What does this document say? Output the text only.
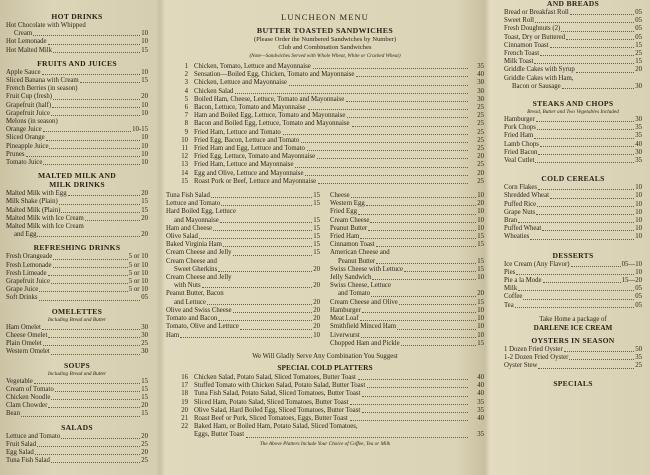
HOT DRINKS
Hot Chocolate with Whipped
Cream	10
Hot Lemonade	10
Hot Malted Milk	15
FRUITS AND JUICES
Apple Sauce	10
Sliced Banana with Cream	15
French Berries (in season)
Fruit Cup (fresh)	20
Grapefruit (half)	10
Grapefruit Juice	10
Melons (in season)
Orange Juice	10-15
Sliced Orange	10
Pineapple Juice	10
Prunes	10
Tomato Juice	10
MALTED MILK AND MILK DRINKS
Malted Milk with Egg	20
Milk Shake (Plain)	15
Malted Milk (Plain)	15
Malted Milk with Ice Cream	20
Malted Milk with Ice Cream
and Egg	20
REFRESHING DRINKS
Fresh Orangeade	5 or 10
Fresh Lemonade	5 or 10
Fresh Limeade	5 or 10
Grapefruit Juice	5 or 10
Grape Juice	5 or 10
Soft Drinks	05
OMELETTES
Including Bread and Butter
Ham Omelet	30
Cheese Omelet	30
Plain Omelet	25
Western Omelet	30
SOUPS
Including Bread and Butter
Vegetable	15
Cream of Tomato	15
Chicken Noodle	15
Clam Chowder	20
Bean	15
SALADS
Lettuce and Tomato	20
Fruit Salad	25
Egg Salad	20
Tuna Fish Salad	25
LUNCHEON MENU
BUTTER TOASTED SANDWICHES
(Please Order the Numbered Sandwiches by Number)
Club and Combination Sandwiches
(Note—Sandwiches Served with Whole Wheat, White or Cracked Wheat)
1 Chicken, Tomato, Lettuce and Mayonnaise	35
2 Sensation—Boiled Egg, Chicken, Tomato and Mayonnaise	40
3 Chicken, Lettuce and Mayonnaise	30
4 Chicken Salad	30
5 Boiled Ham, Cheese, Lettuce, Tomato and Mayonnaise	30
6 Bacon, Lettuce, Tomato and Mayonnaise	25
7 Ham and Boiled Egg, Lettuce, Tomato and Mayonnaise	25
8 Bacon and Boiled Egg, Lettuce, Tomato and Mayonnaise	25
9 Fried Ham, Lettuce and Tomato	25
10 Fried Egg, Bacon, Lettuce and Tomato	25
11 Fried Ham and Egg, Lettuce and Tomato	25
12 Fried Egg, Lettuce, Tomato and Mayonnaise	20
13 Fried Ham, Lettuce and Mayonnaise	25
14 Egg and Olive, Lettuce and Mayonnaise	20
15 Roast Pork or Beef, Lettuce and Mayonnaise	25
Tuna Fish Salad	15
Lettuce and Tomato	15
Hard Boiled Egg, Lettuce
and Mayonnaise	15
Ham and Cheese	15
Olive Salad	15
Baked Virginia Ham	15
Cream Cheese and Jelly	15
Cream Cheese and
Sweet Gherkins	20
Cream Cheese and Jelly
with Nuts	20
Peanut Butter, Bacon
and Lettuce	20
Olive and Swiss Cheese	20
Tomato and Bacon	20
Tomato, Olive and Lettuce	20
Ham	10
Cheese	10
Western Egg	20
Fried Egg	10
Cream Cheese	10
Peanut Butter	10
Fried Ham	15
Cinnamon Toast	15
American Cheese and
Peanut Butter	15
Swiss Cheese with Lettuce	15
Jelly Sandwich	10
Swiss Cheese, Lettuce
and Tomato	20
Cream Cheese and Olive	15
Hamburger	10
Meat Loaf	10
Smithfield Minced Ham	10
Liverwurst	10
Chopped Ham and Pickle	15
We Will Gladly Serve Any Combination You Suggest
SPECIAL COLD PLATTERS
16 Chicken Salad, Potato Salad, Sliced Tomatoes, Butter Toast	40
17 Stuffed Tomato with Chicken Salad, Potato Salad, Butter Toast	40
18 Tuna Fish Salad, Potato Salad, Sliced Tomatoes, Butter Toast	40
19 Sliced Ham, Potato Salad, Sliced Tomatoes, Butter Toast	35
20 Olive Salad, Hard Boiled Egg, Sliced Tomatoes, Butter Toast	35
21 Roast Beef or Pork, Sliced Tomatoes, Eggs, Butter Toast	40
22 Baked Ham, or Boiled Ham, Potato Salad, Sliced Tomatoes,
Eggs, Butter Toast	35
The Above Platters Include Your Choice of Coffee, Tea or Milk
AND BREADS
Bread or Breakfast Roll	05
Sweet Roll	05
Fresh Doughnuts (2)	05
Toast, Dry or Buttered	05
Cinnamon Toast	15
French Toast	25
Milk Toast	15
Griddle Cakes with Syrup	20
Griddle Cakes with Ham,
Bacon or Sausage	30
STEAKS AND CHOPS
Bread, Butter and Two Vegetables Included
Hamburger	30
Pork Chops	35
Fried Ham	35
Lamb Chops	40
Fried Bacon	30
Veal Cutlet	35
COLD CEREALS
Corn Flakes	10
Shredded Wheat	10
Puffed Rice	10
Grape Nuts	10
Bran	10
Puffed Wheat	10
Wheaties	10
DESSERTS
Ice Cream (Any Flavor)	05—10
Pies	10
Pie a la Mode	15—20
Milk	05
Coffee	05
Tea	05
Take Home a package of
DARLENE ICE CREAM
OYSTERS IN SEASON
1 Dozen Fried Oyster	50
1-2 Dozen Fried Oyster	35
Oyster Stew	25
SPECIALS
